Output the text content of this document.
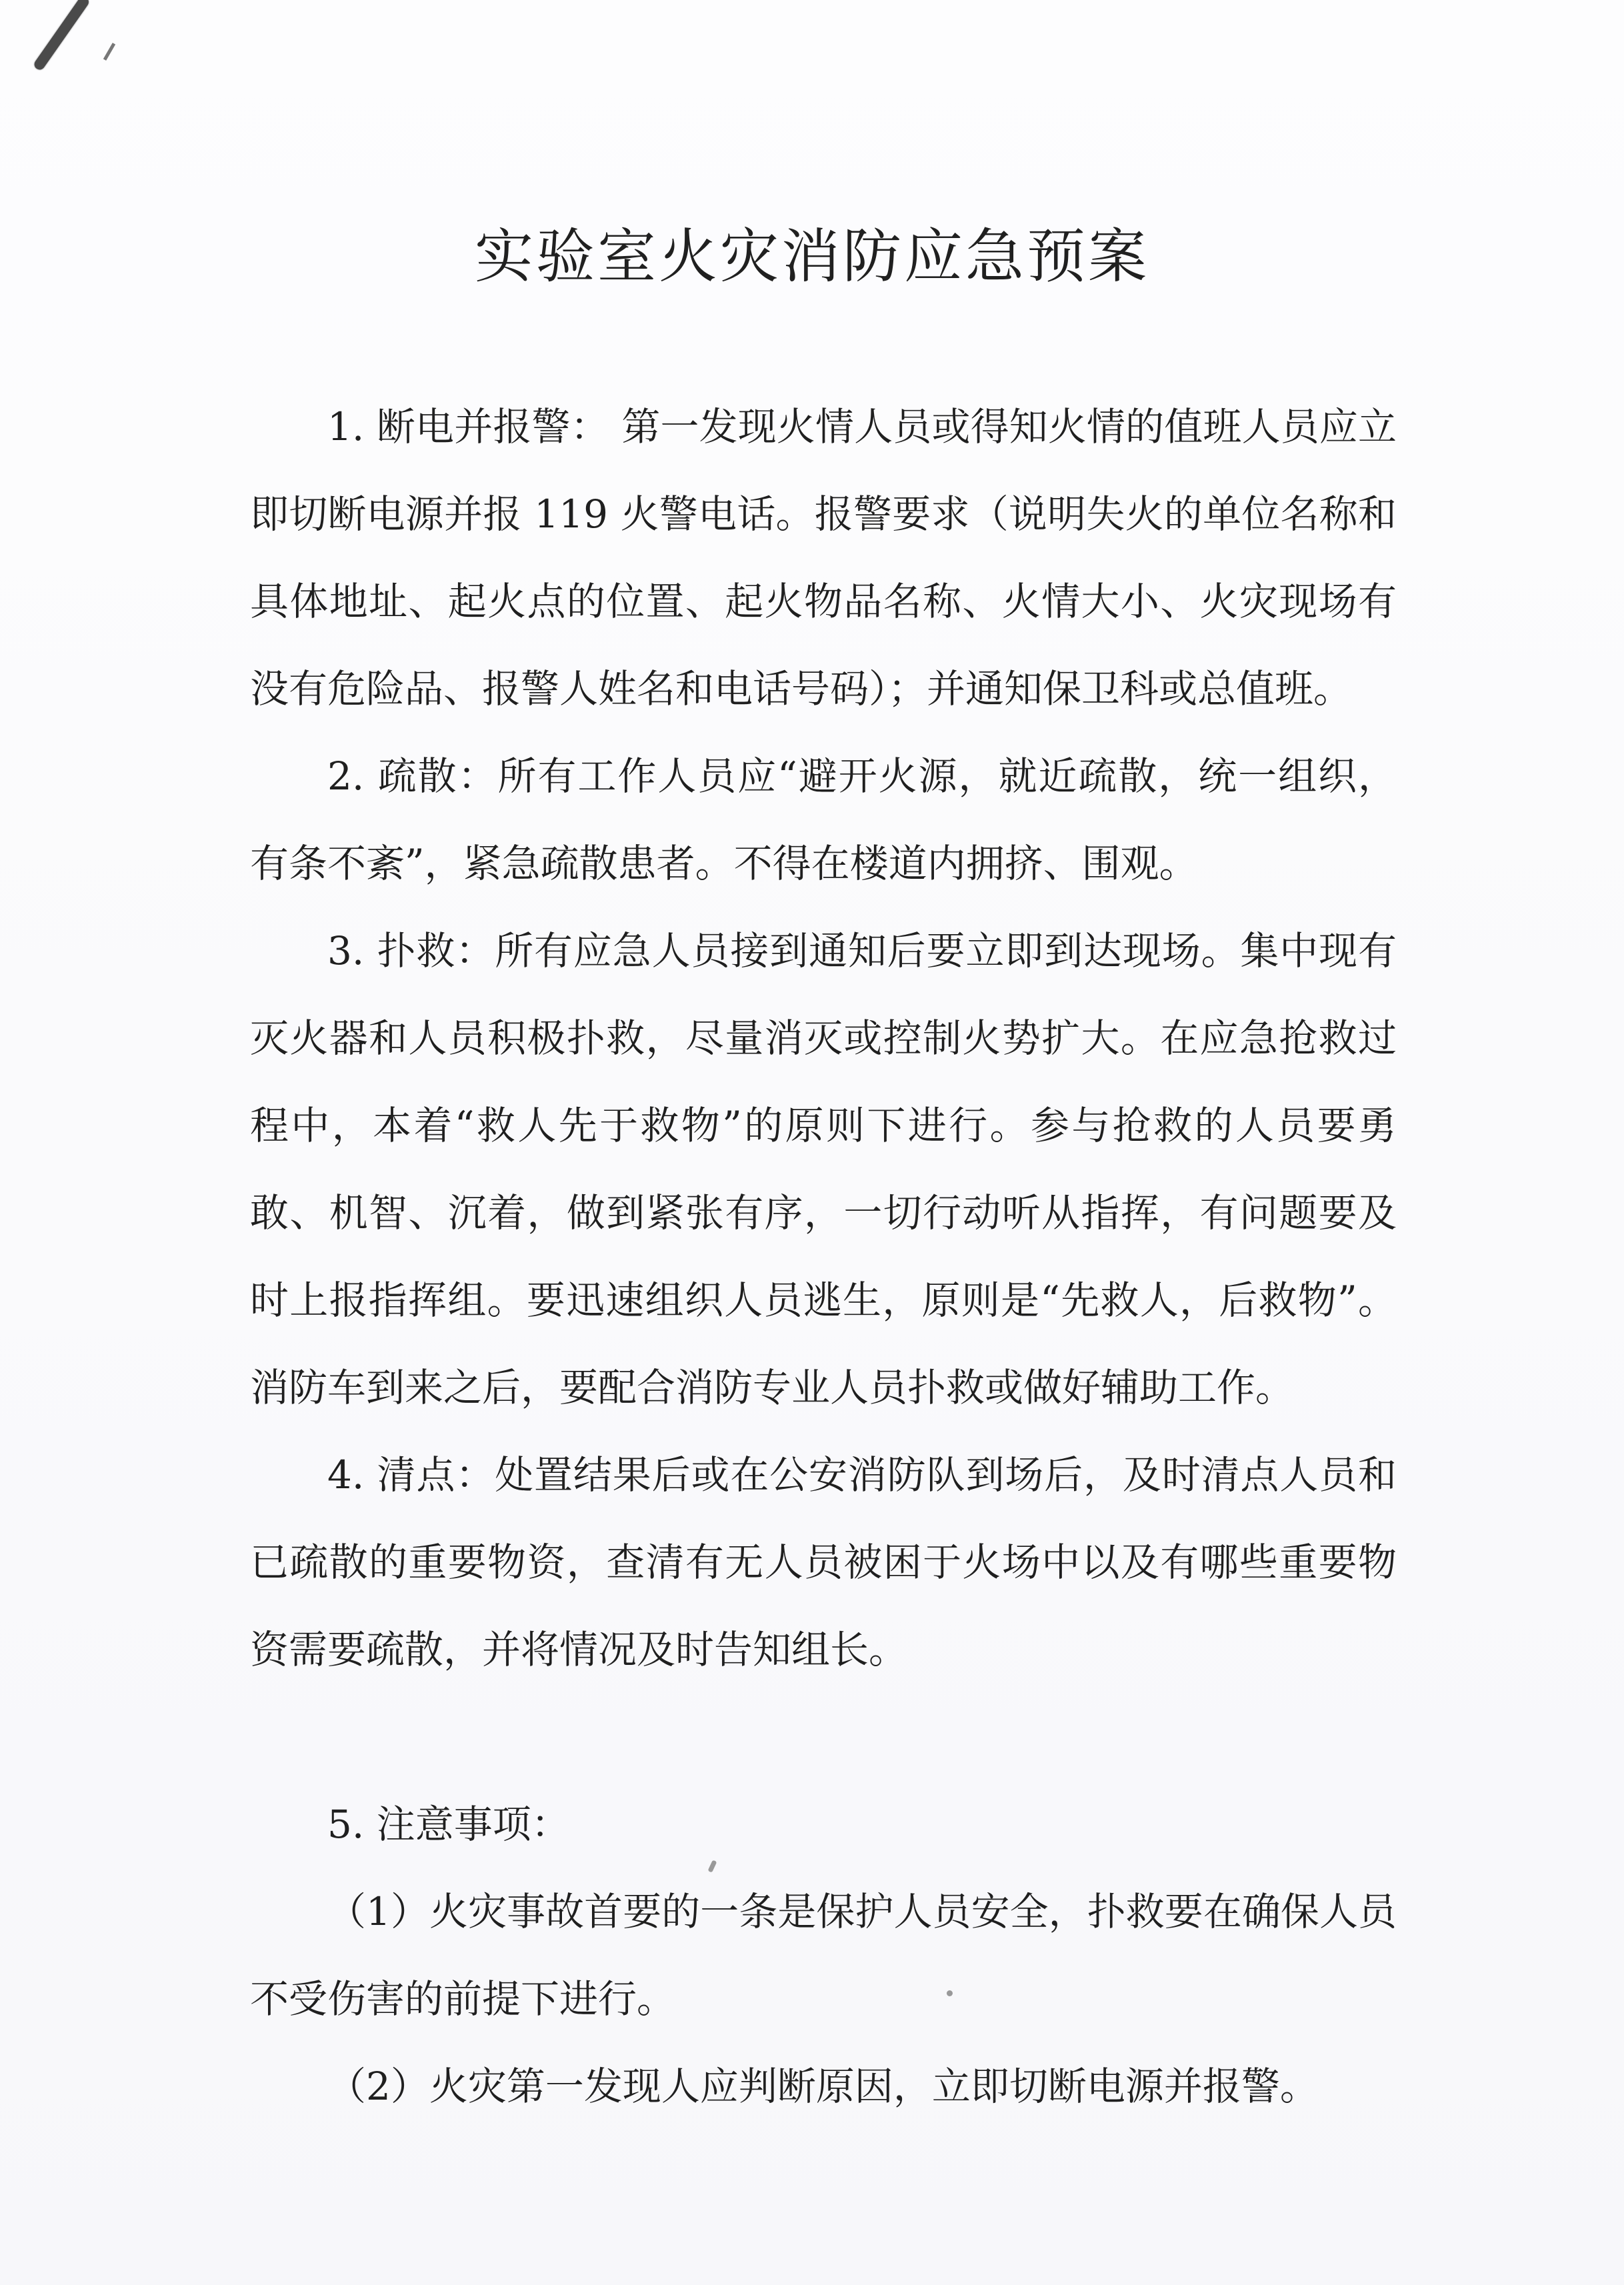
实验室火灾消防应急预案

1. 断电并报警： 第一发现火情人员或得知火情的值班人员应立即切断电源并报 119 火警电话。报警要求（说明失火的单位名称和具体地址、起火点的位置、起火物品名称、火情大小、火灾现场有没有危险品、报警人姓名和电话号码）；并通知保卫科或总值班。

2. 疏散：所有工作人员应“避开火源，就近疏散，统一组织，有条不紊”，紧急疏散患者。不得在楼道内拥挤、围观。

3. 扑救：所有应急人员接到通知后要立即到达现场。集中现有灭火器和人员积极扑救，尽量消灭或控制火势扩大。在应急抢救过程中，本着“救人先于救物”的原则下进行。参与抢救的人员要勇敢、机智、沉着，做到紧张有序，一切行动听从指挥，有问题要及时上报指挥组。要迅速组织人员逃生，原则是“先救人，后救物”。 消防车到来之后，要配合消防专业人员扑救或做好辅助工作。

4. 清点：处置结果后或在公安消防队到场后，及时清点人员和已疏散的重要物资，查清有无人员被困于火场中以及有哪些重要物资需要疏散，并将情况及时告知组长。

5. 注意事项：

（1）火灾事故首要的一条是保护人员安全，扑救要在确保人员不受伤害的前提下进行。

（2）火灾第一发现人应判断原因，立即切断电源并报警。
